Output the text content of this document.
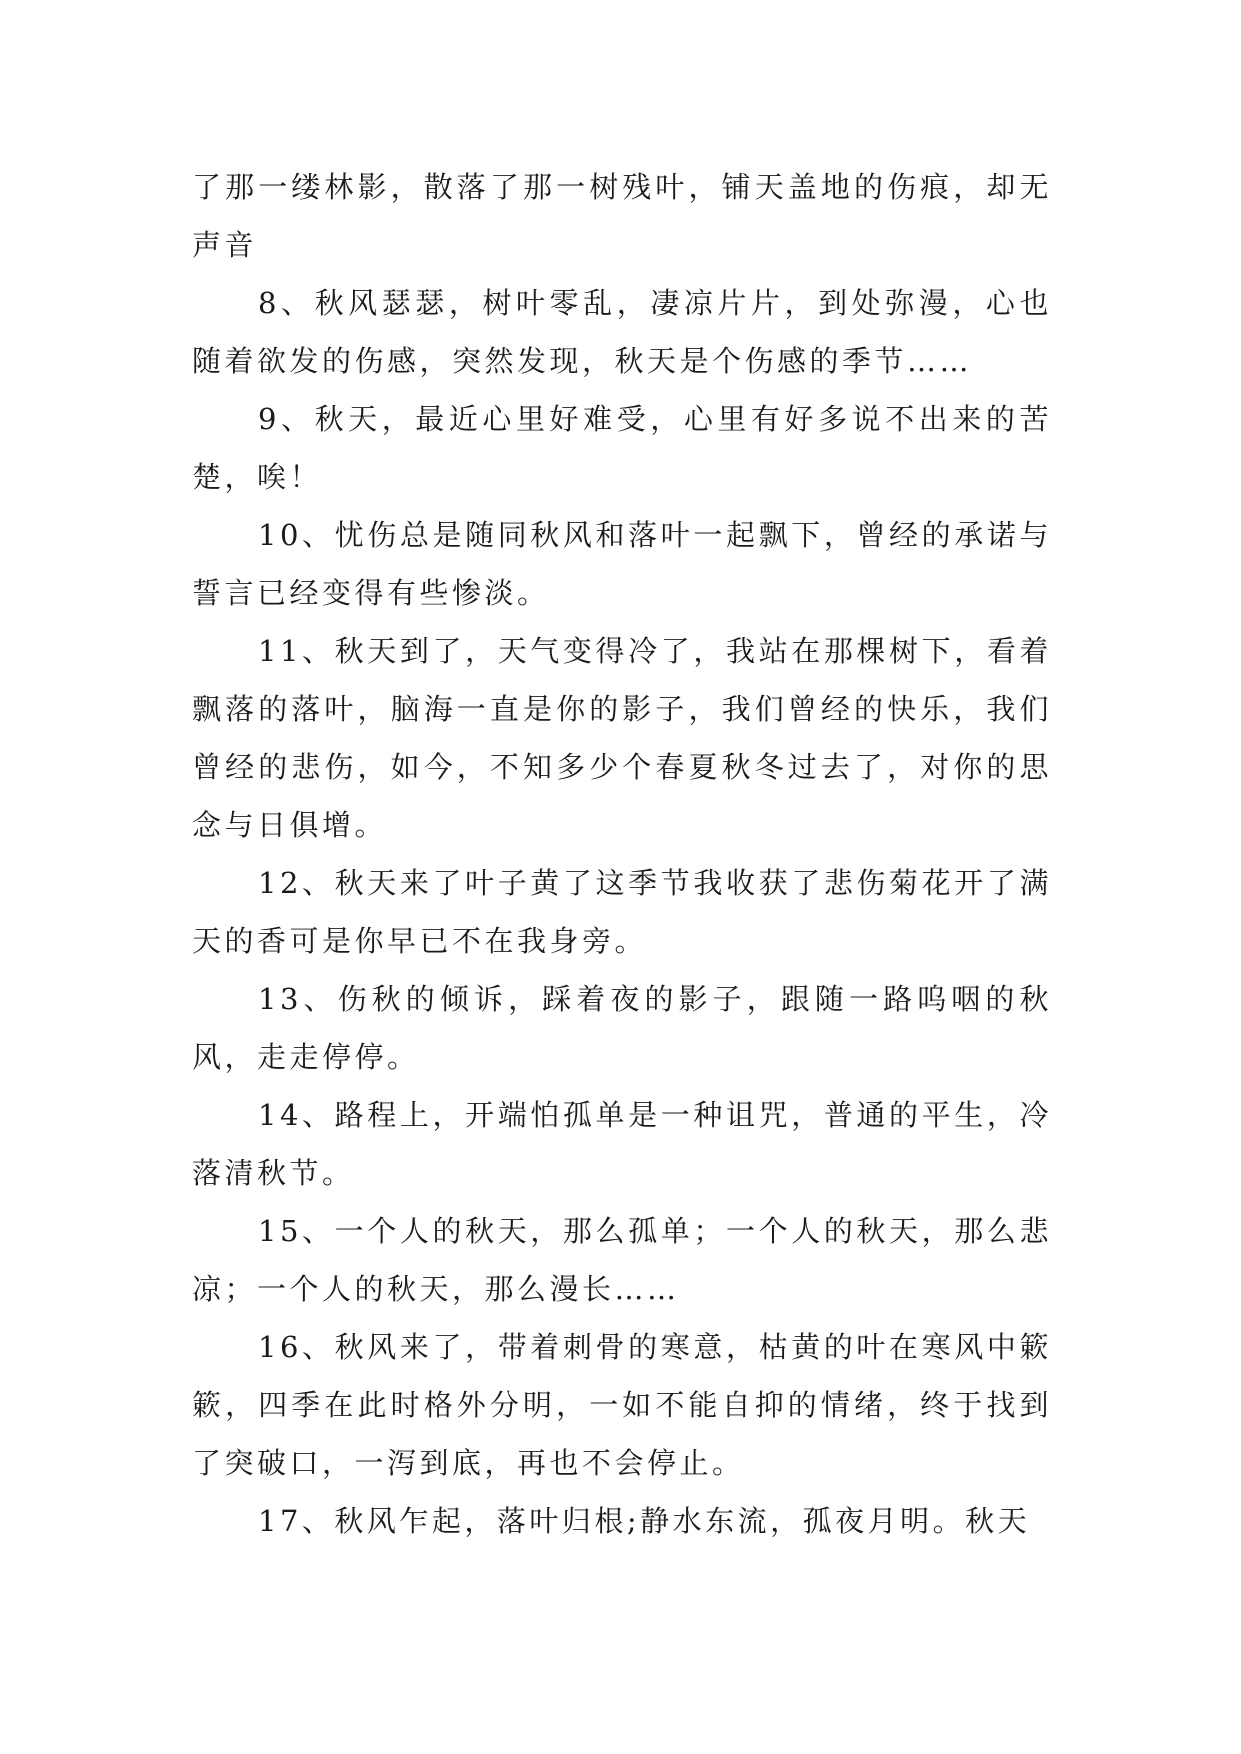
了那一缕林影，散落了那一树残叶，铺天盖地的伤痕，却无声音

8、秋风瑟瑟，树叶零乱，凄凉片片，到处弥漫，心也随着欲发的伤感，突然发现，秋天是个伤感的季节……

9、秋天，最近心里好难受，心里有好多说不出来的苦楚，唉！

10、忧伤总是随同秋风和落叶一起飘下，曾经的承诺与誓言已经变得有些惨淡。

11、秋天到了，天气变得冷了，我站在那棵树下，看着飘落的落叶，脑海一直是你的影子，我们曾经的快乐，我们曾经的悲伤，如今，不知多少个春夏秋冬过去了，对你的思念与日俱增。

12、秋天来了叶子黄了这季节我收获了悲伤菊花开了满天的香可是你早已不在我身旁。

13、伤秋的倾诉，踩着夜的影子，跟随一路呜咽的秋风，走走停停。

14、路程上，开端怕孤单是一种诅咒，普通的平生，冷落清秋节。

15、一个人的秋天，那么孤单；一个人的秋天，那么悲凉；一个人的秋天，那么漫长……

16、秋风来了，带着刺骨的寒意，枯黄的叶在寒风中簌簌，四季在此时格外分明，一如不能自抑的情绪，终于找到了突破口，一泻到底，再也不会停止。

17、秋风乍起，落叶归根;静水东流，孤夜月明。秋天
